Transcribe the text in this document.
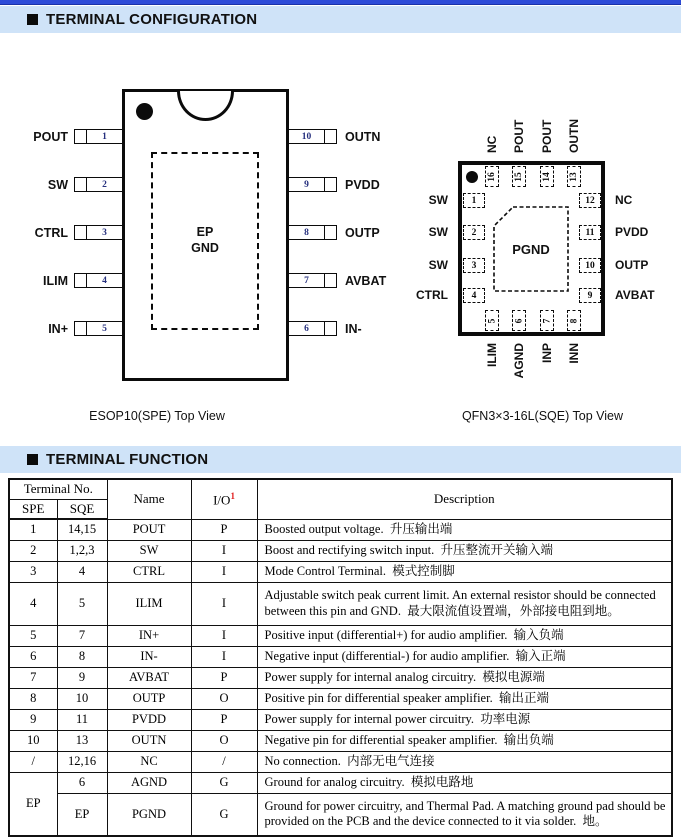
TERMINAL CONFIGURATION
EP
GND
POUT	1
SW	2
CTRL	3
ILIM	4
IN+	5
10	OUTN
9	PVDD
8	OUTP
7	AVBAT
6	IN-
PGND
16 15 14 13
NC POUT POUT OUTN
SW 1
SW 2
SW 3
CTRL 4
12 NC
11 PVDD
10 OUTP
9 AVBAT
5 6 7 8
ILIM AGND INP INN
ESOP10(SPE) Top View	QFN3×3-16L(SQE) Top View
TERMINAL FUNCTION
Terminal No.		Name	$I/O^1$	Description
SPE	SQE			
1	14,15	POUT	P	Boosted output voltage.  升压输出端
2	1,2,3	SW	I	Boost and rectifying switch input.  升压整流开关输入端
3	4	CTRL	I	Mode Control Terminal.  模式控制脚
4	5	ILIM	I	Adjustable switch peak current limit. An external resistor should be connected between this pin and GND.  最大限流值设置端，外部接电阻到地。
5	7	IN+	I	Positive input (differential+) for audio amplifier.  输入负端
6	8	IN-	I	Negative input (differential-) for audio amplifier.  输入正端
7	9	AVBAT	P	Power supply for internal analog circuitry.  模拟电源端
8	10	OUTP	O	Positive pin for differential speaker amplifier.  输出正端
9	11	PVDD	P	Power supply for internal power circuitry.  功率电源
10	13	OUTN	O	Negative pin for differential speaker amplifier.  输出负端
/	12,16	NC	/	No connection.  内部无电气连接
EP	6	AGND	G	Ground for analog circuitry.  模拟电路地
	EP	PGND	G	Ground for power circuitry, and Thermal Pad. A matching ground pad should be provided on the PCB and the device connected to it via solder.  地。
